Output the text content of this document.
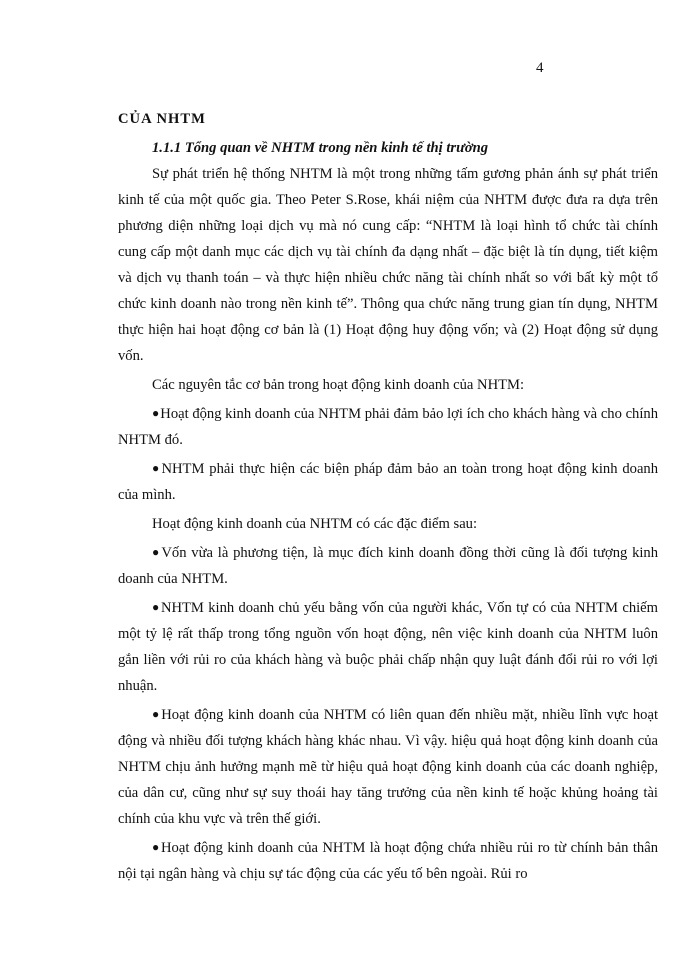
4

CỦA NHTM

1.1.1 Tổng quan về NHTM trong nền kinh tế thị trường

Sự phát triển hệ thống NHTM là một trong những tấm gương phản ánh sự phát triển kinh tế của một quốc gia. Theo Peter S.Rose, khái niệm của NHTM được đưa ra dựa trên phương diện những loại dịch vụ mà nó cung cấp: “NHTM là loại hình tổ chức tài chính cung cấp một danh mục các dịch vụ tài chính đa dạng nhất – đặc biệt là tín dụng, tiết kiệm và dịch vụ thanh toán – và thực hiện nhiều chức năng tài chính nhất so với bất kỳ một tổ chức kinh doanh nào trong nền kinh tế”. Thông qua chức năng trung gian tín dụng, NHTM thực hiện hai hoạt động cơ bản là (1) Hoạt động huy động vốn; và (2) Hoạt động sử dụng vốn.

Các nguyên tắc cơ bản trong hoạt động kinh doanh của NHTM:

●Hoạt động kinh doanh của NHTM phải đảm bảo lợi ích cho khách hàng và cho chính NHTM đó.

●NHTM phải thực hiện các biện pháp đảm bảo an toàn trong hoạt động kinh doanh của mình.

Hoạt động kinh doanh của NHTM có các đặc điểm sau:

●Vốn vừa là phương tiện, là mục đích kinh doanh đồng thời cũng là đối tượng kinh doanh của NHTM.

●NHTM kinh doanh chủ yếu bằng vốn của người khác, Vốn tự có của NHTM chiếm một tỷ lệ rất thấp trong tổng nguồn vốn hoạt động, nên việc kinh doanh của NHTM luôn gắn liền với rủi ro của khách hàng và buộc phải chấp nhận quy luật đánh đổi rủi ro với lợi nhuận.

●Hoạt động kinh doanh của NHTM có liên quan đến nhiều mặt, nhiều lĩnh vực hoạt động và nhiều đối tượng khách hàng khác nhau. Vì vậy. hiệu quả hoạt động kinh doanh của NHTM chịu ảnh hưởng mạnh mẽ từ hiệu quả hoạt động kinh doanh của các doanh nghiệp, của dân cư, cũng như sự suy thoái hay tăng trưởng của nền kinh tế hoặc khủng hoảng tài chính của khu vực và trên thế giới.

●Hoạt động kinh doanh của NHTM là hoạt động chứa nhiều rủi ro từ chính bản thân nội tại ngân hàng và chịu sự tác động của các yếu tố bên ngoài. Rủi ro
